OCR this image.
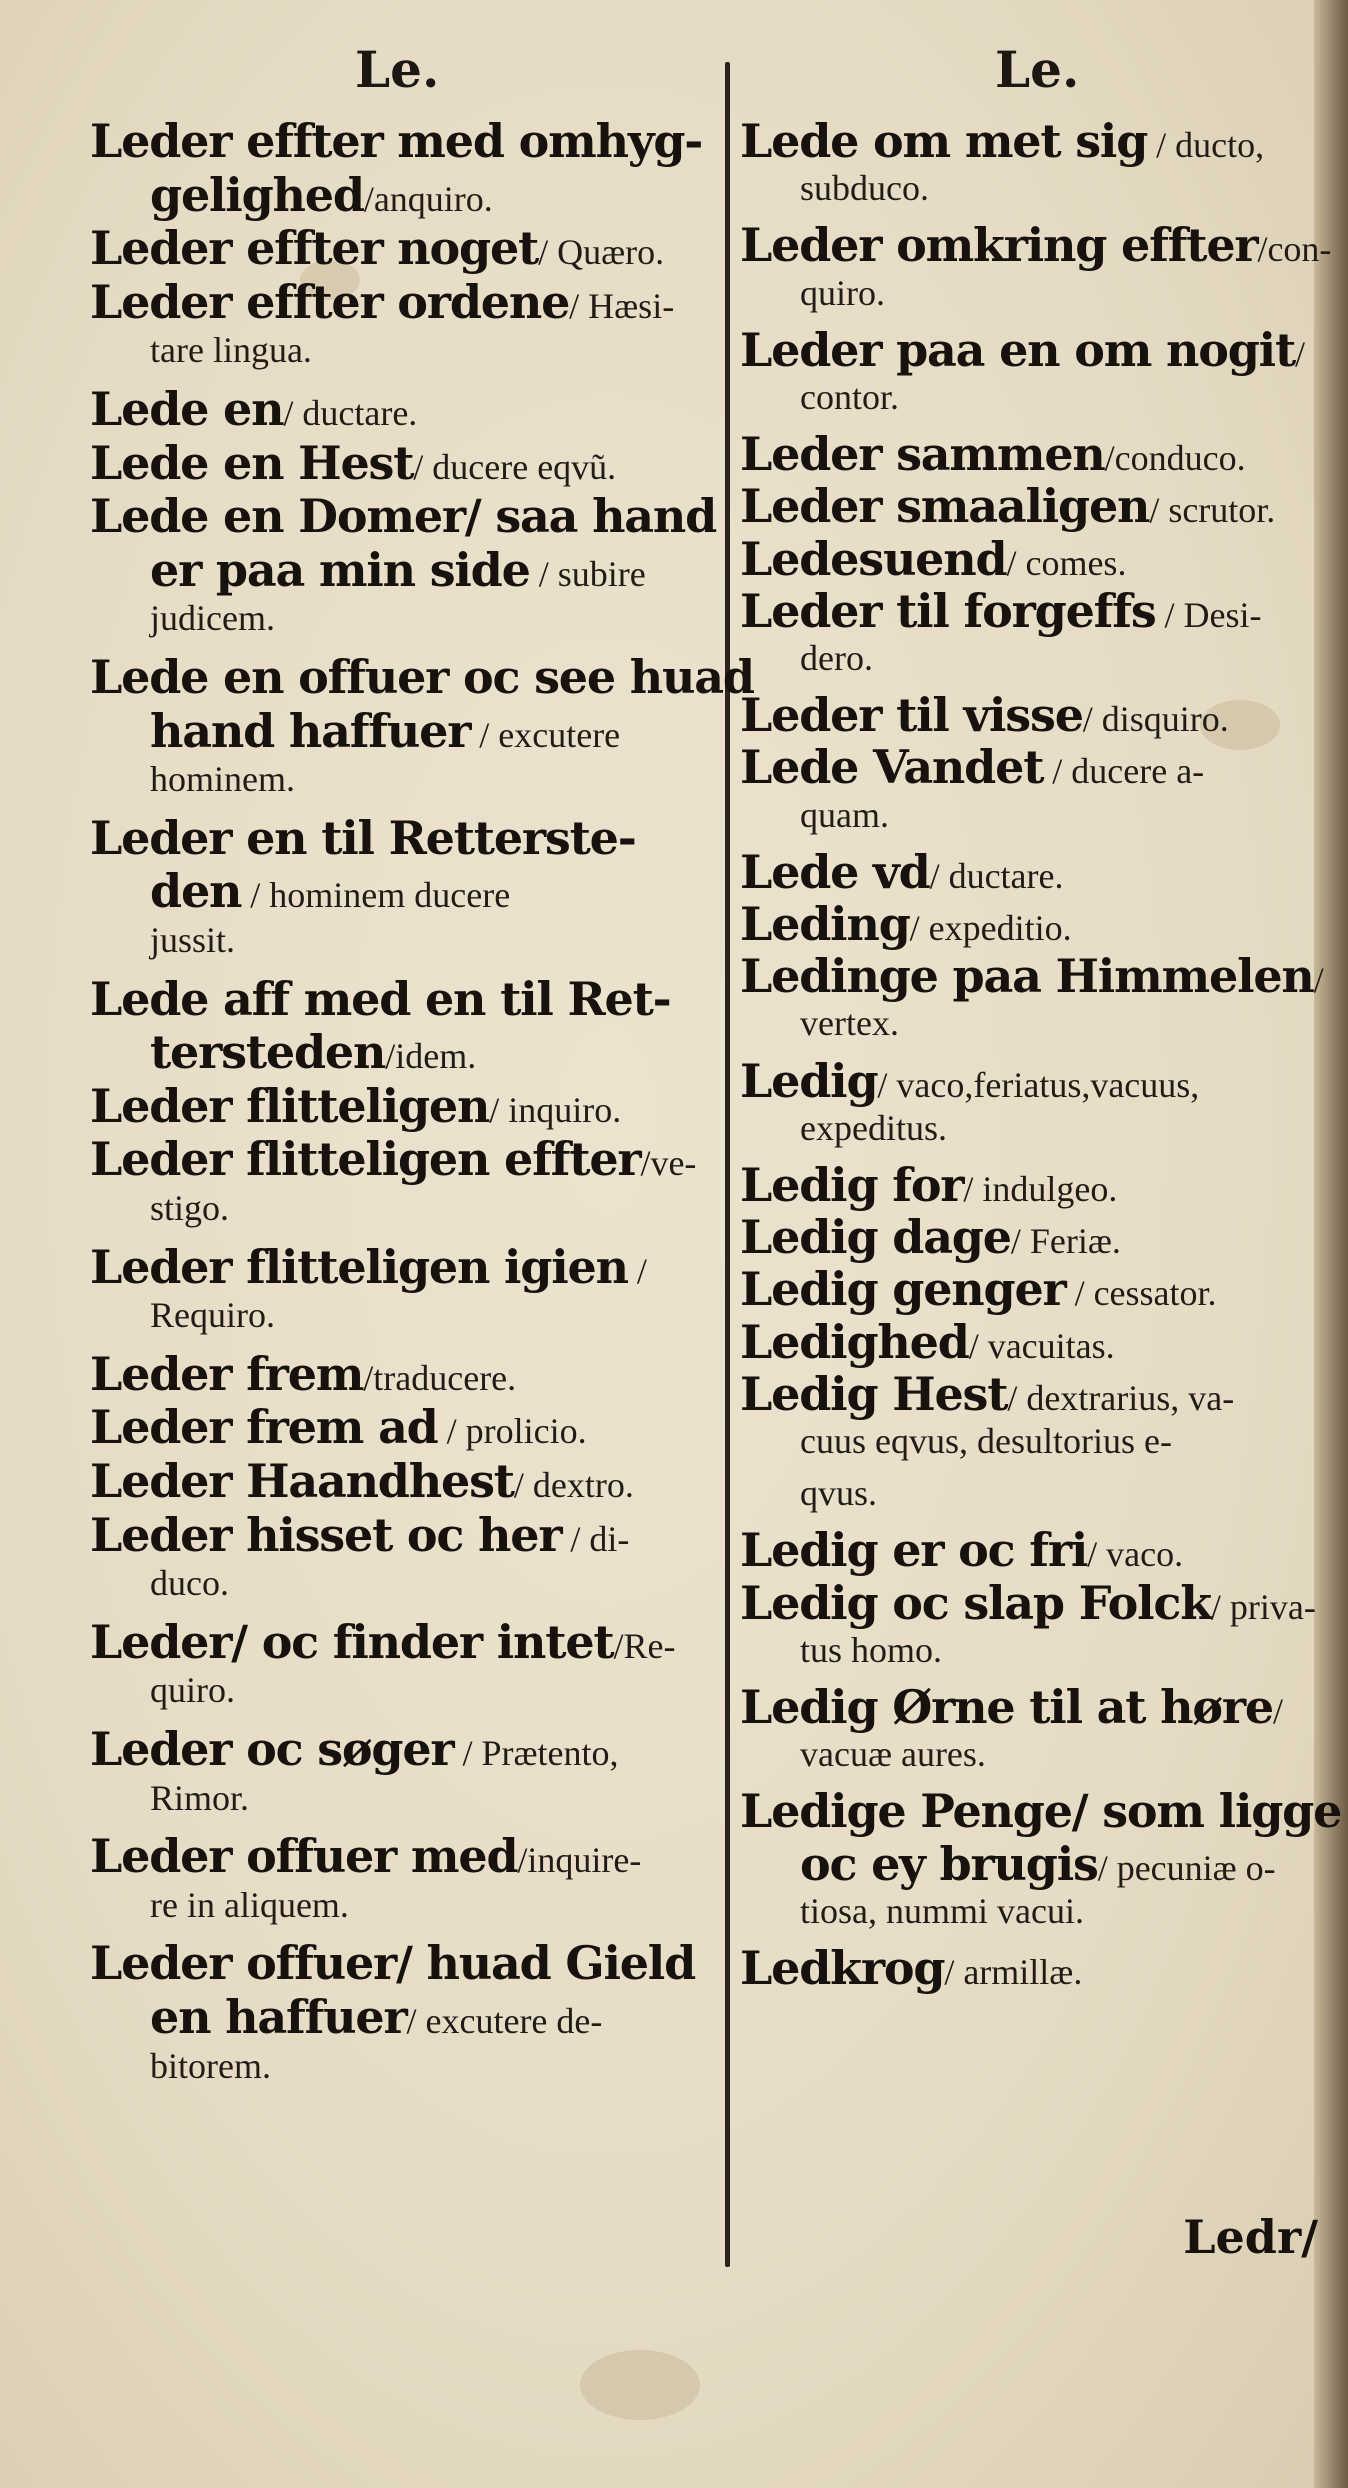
Le.	Le.
Leder effter med omhyg-
gelighed/anquiro.
Leder effter noget/ Quæro.
Leder effter ordene/ Hæsi-
tare lingua.
Lede en/ ductare.
Lede en Hest/ ducere eqvũ.
Lede en Domer/ saa hand
er paa min side / subire
judicem.
Lede en offuer oc see huad
hand haffuer / excutere
hominem.
Leder en til Retterste-
den / hominem ducere
jussit.
Lede aff med en til Ret-
tersteden/idem.
Leder flitteligen/ inquiro.
Leder flitteligen effter/ve-
stigo.
Leder flitteligen igien /
Requiro.
Leder frem/traducere.
Leder frem ad / prolicio.
Leder Haandhest/ dextro.
Leder hisset oc her / di-
duco.
Leder/ oc finder intet/Re-
quiro.
Leder oc søger / Prætento,
Rimor.
Leder offuer med/inquire-
re in aliquem.
Leder offuer/ huad Gield
en haffuer/ excutere de-
bitorem.
Lede om met sig / ducto,
subduco.
Leder omkring effter/con-
quiro.
Leder paa en om nogit/
contor.
Leder sammen/conduco.
Leder smaaligen/ scrutor.
Ledesuend/ comes.
Leder til forgeffs / Desi-
dero.
Leder til visse/ disquiro.
Lede Vandet / ducere a-
quam.
Lede vd/ ductare.
Leding/ expeditio.
Ledinge paa Himmelen/
vertex.
Ledig/ vaco,feriatus,vacuus,
expeditus.
Ledig for/ indulgeo.
Ledig dage/ Feriæ.
Ledig genger / cessator.
Ledighed/ vacuitas.
Ledig Hest/ dextrarius, va-
cuus eqvus, desultorius e-
qvus.
Ledig er oc fri/ vaco.
Ledig oc slap Folck/ priva-
tus homo.
Ledig Ørne til at høre/
vacuæ aures.
Ledige Penge/ som ligge
oc ey brugis/ pecuniæ o-
tiosa, nummi vacui.
Ledkrog/ armillæ.
Ledr/
